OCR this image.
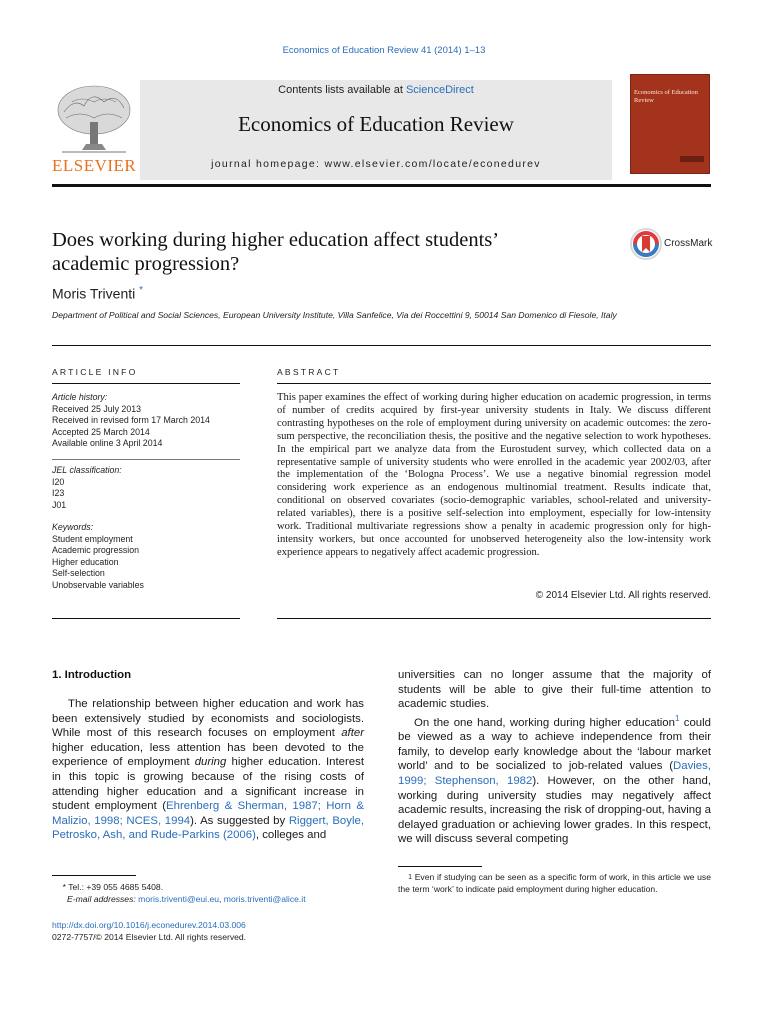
Economics of Education Review 41 (2014) 1–13
ELSEVIER
Contents lists available at ScienceDirect
Economics of Education Review
journal homepage: www.elsevier.com/locate/econedurev
Economics of Education Review
Does working during higher education affect students’ academic progression?
CrossMark
Moris Triventi *
Department of Political and Social Sciences, European University Institute, Villa Sanfelice, Via dei Roccettini 9, 50014 San Domenico di Fiesole, Italy
ARTICLE INFO
Article history:
Received 25 July 2013
Received in revised form 17 March 2014
Accepted 25 March 2014
Available online 3 April 2014
JEL classification:
I20
I23
J01
Keywords:
Student employment
Academic progression
Higher education
Self-selection
Unobservable variables
ABSTRACT
This paper examines the effect of working during higher education on academic progression, in terms of number of credits acquired by first-year university students in Italy. We discuss different contrasting hypotheses on the role of employment during university on academic outcomes: the zero-sum perspective, the reconciliation thesis, the positive and the negative selection to work hypotheses. In the empirical part we analyze data from the Eurostudent survey, which collected data on a representative sample of university students who were enrolled in the academic year 2002/03, after the implementation of the ‘Bologna Process’. We use a negative binomial regression model considering work experience as an endogenous multinomial treatment. Results indicate that, conditional on observed covariates (socio-demographic variables, school-related and university-related variables), there is a positive self-selection into employment, especially for low-intensity work. Traditional multivariate regressions show a penalty in academic progression only for high-intensity workers, but once accounted for unobserved heterogeneity also the low-intensity work experience appears to negatively affect academic progression.
© 2014 Elsevier Ltd. All rights reserved.
1. Introduction

The relationship between higher education and work has been extensively studied by economists and sociologists. While most of this research focuses on employment after higher education, less attention has been devoted to the experience of employment during higher education. Interest in this topic is growing because of the rising costs of attending higher education and a significant increase in student employment (Ehrenberg & Sherman, 1987; Horn & Malizio, 1998; NCES, 1994). As suggested by Riggert, Boyle, Petrosko, Ash, and Rude-Parkins (2006), colleges and

universities can no longer assume that the majority of students will be able to give their full-time attention to academic studies.

On the one hand, working during higher education$^1$ could be viewed as a way to achieve independence from their family, to develop early knowledge about the ‘labour market world’ and to be socialized to job-related values (Davies, 1999; Stephenson, 1982). However, on the other hand, working during university studies may negatively affect academic results, increasing the risk of dropping-out, having a delayed graduation or achieving lower grades. In this respect, we will discuss several competing

* Tel.: +39 055 4685 5408.
E-mail addresses: moris.triventi@eui.eu, moris.triventi@alice.it
http://dx.doi.org/10.1016/j.econedurev.2014.03.006
0272-7757/© 2014 Elsevier Ltd. All rights reserved.
1 Even if studying can be seen as a specific form of work, in this article we use the term ‘work’ to indicate paid employment during higher education.
